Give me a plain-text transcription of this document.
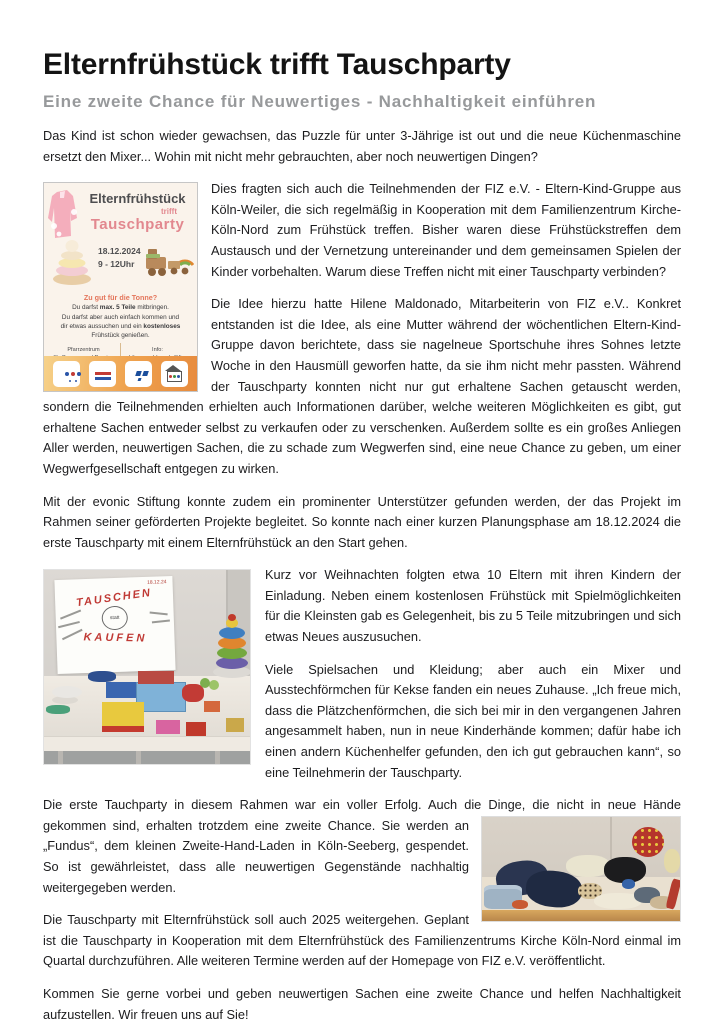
Elternfrühstück trifft Tauschparty
Eine zweite Chance für Neuwertiges - Nachhaltigkeit einführen
Das Kind ist schon wieder gewachsen, das Puzzle für unter 3-Jährige ist out und die neue Küchenmaschine ersetzt den Mixer... Wohin mit nicht mehr gebrauchten, aber noch neuwertigen Dingen?
Elternfrühstück
trifft
Tauschparty
18.12.2024
9 - 12Uhr
Zu gut für die Tonne?
Du darfst max. 5 Teile mitbringen.
Du darfst aber auch einfach kommen und
dir etwas aussuchen und ein kostenloses
Frühstück genießen.
Pfarrzentrum	Info:
Dies fragten sich auch die Teilnehmenden der FIZ e.V. - Eltern-Kind-Gruppe aus Köln-Weiler, die sich regelmäßig in Kooperation mit dem Familienzentrum Kirche-Köln-Nord zum Frühstück treffen. Bisher waren diese Frühstückstreffen dem Austausch und der Vernetzung untereinander und dem gemeinsamen Spielen der Kinder vorbehalten. Warum diese Treffen nicht mit einer Tauschparty verbinden?
Die Idee hierzu hatte Hilene Maldonado, Mitarbeiterin von FIZ e.V.. Konkret entstanden ist die Idee, als eine Mutter während der wöchentlichen Eltern-Kind-Gruppe davon berichtete, dass sie nagelneue Sportschuhe ihres Sohnes letzte Woche in den Hausmüll geworfen hatte, da sie ihm nicht mehr passten. Während der Tauschparty konnten nicht nur gut erhaltene Sachen getauscht werden, sondern die Teilnehmenden erhielten auch Informationen darüber, welche weiteren Möglichkeiten es gibt, gut erhaltene Sachen entweder selbst zu verkaufen oder zu verschenken. Außerdem sollte es ein großes Anliegen Aller werden, neuwertigen Sachen, die zu schade zum Wegwerfen sind, eine neue Chance zu geben, um einer Wegwerfgesellschaft entgegen zu wirken.
Mit der evonic Stiftung konnte zudem ein prominenter Unterstützer gefunden werden, der das Projekt im Rahmen seiner geförderten Projekte begleitet. So konnte nach einer kurzen Planungsphase am 18.12.2024 die erste Tauschparty mit einem Elternfrühstück an den Start gehen.
18.12.24
TAUSCHEN
statt
KAUFEN
Kurz vor Weihnachten folgten etwa 10 Eltern mit ihren Kindern der Einladung. Neben einem kostenlosen Frühstück mit Spielmöglichkeiten für die Kleinsten gab es Gelegenheit, bis zu 5 Teile mitzubringen und sich etwas Neues auszusuchen.
Viele Spielsachen und Kleidung; aber auch ein Mixer und Ausstechförmchen für Kekse fanden ein neues Zuhause. „Ich freue mich, dass die Plätzchenförmchen, die sich bei mir in den vergangenen Jahren angesammelt haben, nun in neue Kinderhände kommen; dafür habe ich einen andern Küchenhelfer gefunden, den ich gut gebrauchen kann“, so eine Teilnehmerin der Tauschparty.
Die erste Tauchparty in diesem Rahmen war ein voller Erfolg. Auch die Dinge, die nicht in neue Hände gekommen sind, erhalten trotzdem eine zweite Chance. Sie werden an „Fundus“, dem kleinen Zweite-Hand-Laden in Köln-Seeberg, gespendet. So ist gewährleistet, dass alle neuwertigen Gegenstände nachhaltig weitergegeben werden.
Die Tauschparty mit Elternfrühstück soll auch 2025 weitergehen. Geplant ist die Tauschparty in Kooperation mit dem Elternfrühstück des Familienzentrums Kirche Köln-Nord einmal im Quartal durchzuführen. Alle weiteren Termine werden auf der Homepage von FIZ e.V. veröffentlicht.
Kommen Sie gerne vorbei und geben neuwertigen Sachen eine zweite Chance und helfen Nachhaltigkeit aufzustellen. Wir freuen uns auf Sie!
